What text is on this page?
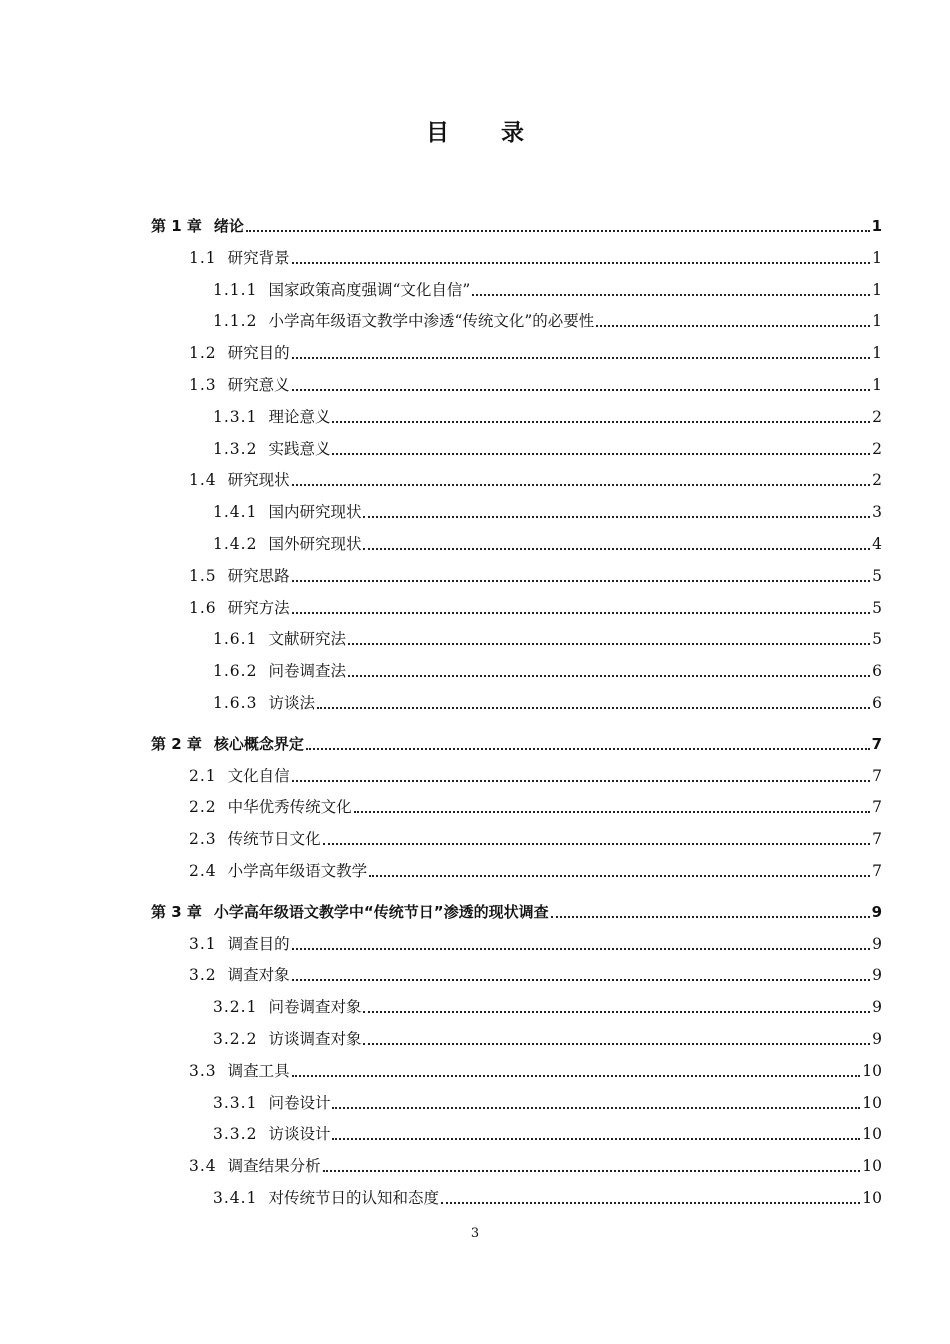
目 录
第 1 章 绪论	1
1.1 研究背景	1
1.1.1 国家政策高度强调“文化自信”	1
1.1.2 小学高年级语文教学中渗透“传统文化”的必要性	1
1.2 研究目的	1
1.3 研究意义	1
1.3.1 理论意义	2
1.3.2 实践意义	2
1.4 研究现状	2
1.4.1 国内研究现状	3
1.4.2 国外研究现状	4
1.5 研究思路	5
1.6 研究方法	5
1.6.1 文献研究法	5
1.6.2 问卷调查法	6
1.6.3 访谈法	6
第 2 章 核心概念界定	7
2.1 文化自信	7
2.2 中华优秀传统文化	7
2.3 传统节日文化	7
2.4 小学高年级语文教学	7
第 3 章 小学高年级语文教学中“传统节日”渗透的现状调查	9
3.1 调查目的	9
3.2 调查对象	9
3.2.1 问卷调查对象	9
3.2.2 访谈调查对象	9
3.3 调查工具	10
3.3.1 问卷设计	10
3.3.2 访谈设计	10
3.4 调查结果分析	10
3.4.1 对传统节日的认知和态度	10
3
